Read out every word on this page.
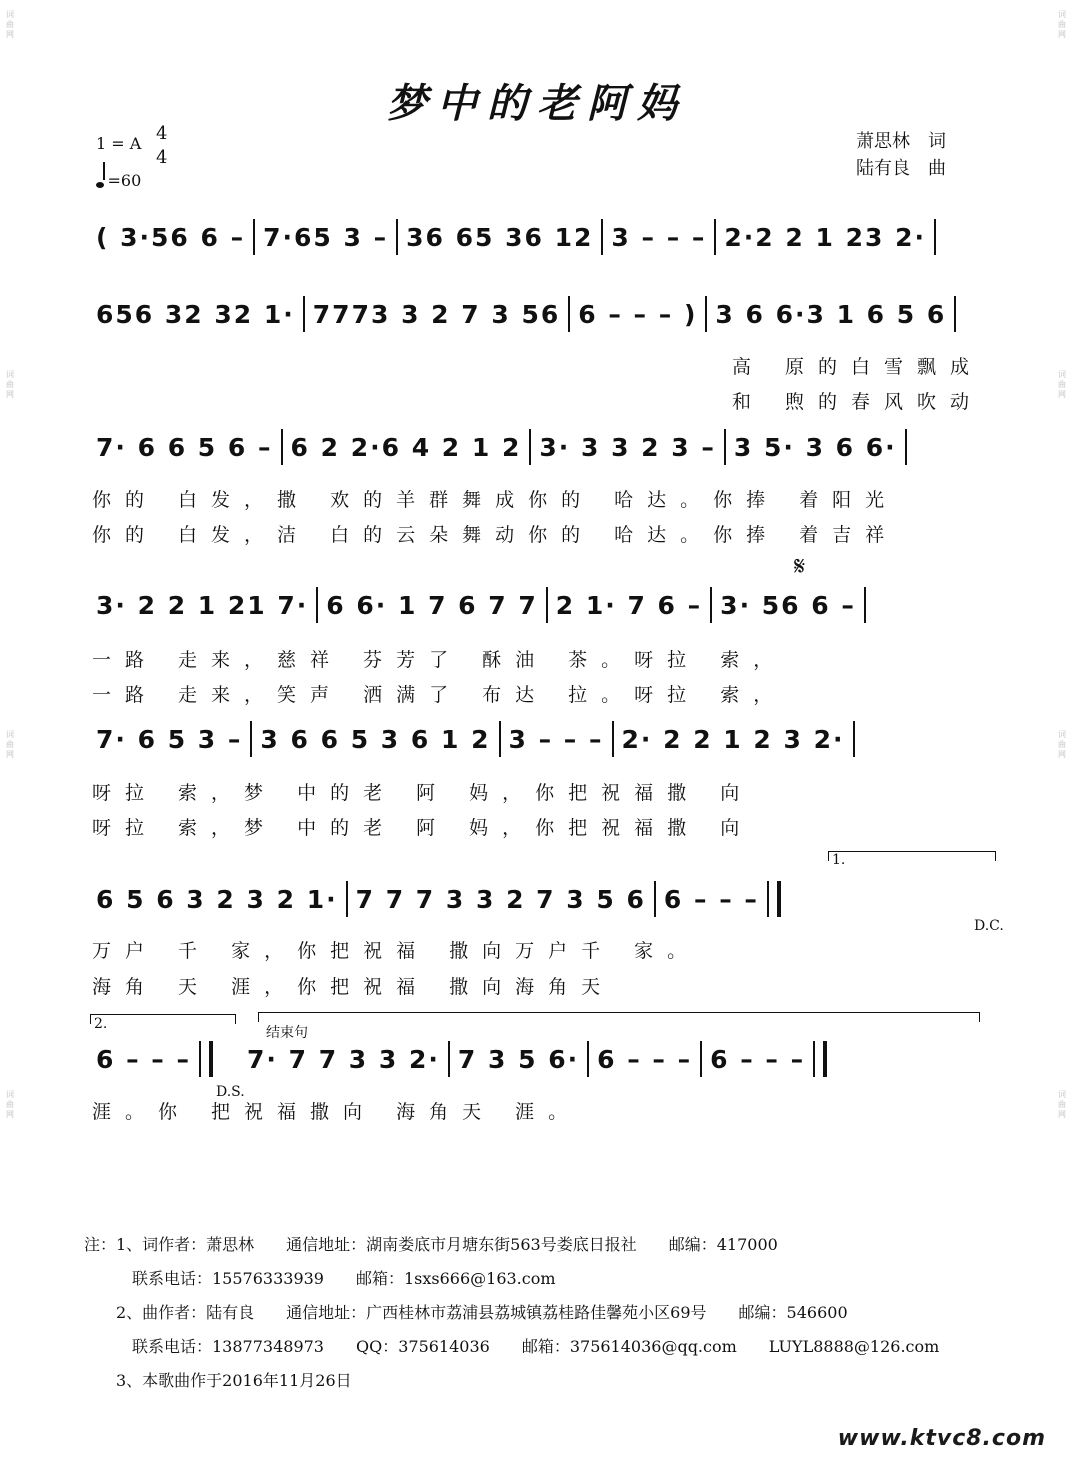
词
曲
网
词
曲
网
词
曲
网
词
曲
网
词
曲
网
词
曲
网
词
曲
网
词
曲
网
梦中的老阿妈
1 = A 4
4
=60
萧思林　词
陆有良　曲
( 3·56 6 – 7·65 3 – 36 65 36 12 3 – – – 2·2 2 1 23 2·
656 32 32 1· 7773 3 2 7 3 56 6 – – – ) 3 6 6·3 1 6 5 6
高 原的白雪飘成
和 煦的春风吹动
7· 6 6 5 6 – 6 2 2·6 4 2 1 2 3· 3 3 2 3 – 3 5· 3 6 6·
你的 白发，撒 欢的羊群舞成你的 哈达。你捧 着阳光
你的 白发，洁 白的云朵舞动你的 哈达。你捧 着吉祥
𝄋
3· 2 2 1 21 7· 6 6· 1 7 6 7 7 2 1· 7 6 – 3· 56 6 –
一路 走来，慈祥 芬芳了 酥油 茶。呀拉 索，
一路 走来，笑声 洒满了 布达 拉。呀拉 索，
7· 6 5 3 – 3 6 6 5 3 6 1 2 3 – – – 2· 2 2 1 2 3 2·
呀拉 索，梦 中的老 阿 妈，你把祝福撒 向
呀拉 索，梦 中的老 阿 妈，你把祝福撒 向
1.
6 5 6 3 2 3 2 1· 7 7 7 3 3 2 7 3 5 6 6 – – –
D.C.
万户 千 家，你把祝福 撒向万户千 家。
海角 天 涯，你把祝福 撒向海角天
2.
结束句
6 – – – 7· 7 7 3 3 2· 7 3 5 6· 6 – – – 6 – – –
D.S.
涯。你 把祝福撒向 海角天 涯。
注：1、词作者：萧思林　　通信地址：湖南娄底市月塘东街563号娄底日报社　　邮编：417000
　　　联系电话：15576333939　　邮箱：1sxs666@163.com
　　2、曲作者：陆有良　　通信地址：广西桂林市荔浦县荔城镇荔桂路佳馨苑小区69号　　邮编：546600
　　　联系电话：13877348973　　QQ：375614036　　邮箱：375614036@qq.com　　LUYL8888@126.com
　　3、本歌曲作于2016年11月26日
www.ktvc8.com
